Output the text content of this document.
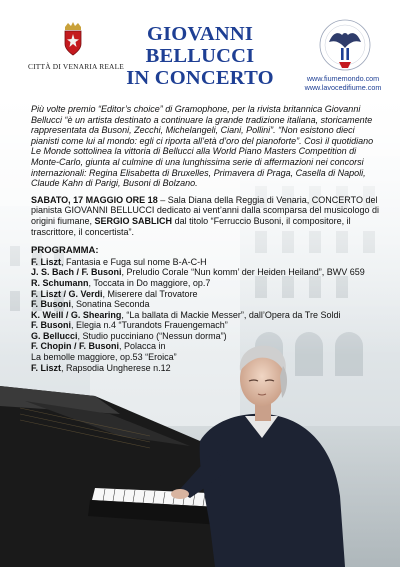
CITTÀ DI VENARIA REALE
GIOVANNI BELLUCCI
IN CONCERTO	www.fiumemondo.com
www.lavocedifiume.com

Più volte premio “Editor’s choice” di Gramophone, per la rivista britannica Giovanni Bellucci “è un artista destinato a continuare la grande tradizione italiana, storicamente rappresentata da Busoni, Zecchi, Michelangeli, Ciani, Pollini”. “Non esistono dieci pianisti come lui al mondo: egli ci riporta all’età d’oro del pianoforte”. Così il quotidiano Le Monde sottolinea la vittoria di Bellucci alla World Piano Masters Competition di Monte-Carlo, giunta al culmine di una lunghissima serie di affermazioni nei concorsi internazionali: Regina Elisabetta di Bruxelles, Primavera di Praga, Casella di Napoli, Claude Kahn di Parigi, Busoni di Bolzano.

SABATO, 17 MAGGIO ORE 18 – Sala Diana della Reggia di Venaria, CONCERTO del pianista GIOVANNI BELLUCCI dedicato ai vent’anni dalla scomparsa del musicologo di origini fiumane, SERGIO SABLICH dal titolo “Ferruccio Busoni, il compositore, il trascrittore, il concertista”.

PROGRAMMA:
F. Liszt, Fantasia e Fuga sul nome B-A-C-H
J. S. Bach / F. Busoni, Preludio Corale “Nun komm’ der Heiden Heiland”, BWV 659
R. Schumann, Toccata in Do maggiore, op.7
F. Liszt / G. Verdi, Miserere dal Trovatore
F. Busoni, Sonatina Seconda
K. Weill / G. Shearing, “La ballata di Mackie Messer”, dall’Opera da Tre Soldi
F. Busoni, Elegia n.4 “Turandots Frauengemach”
G. Bellucci, Studio pucciniano (“Nessun dorma”)
F. Chopin / F. Busoni, Polacca in
La bemolle maggiore, op.53 “Eroica”
F. Liszt, Rapsodia Ungherese n.12
